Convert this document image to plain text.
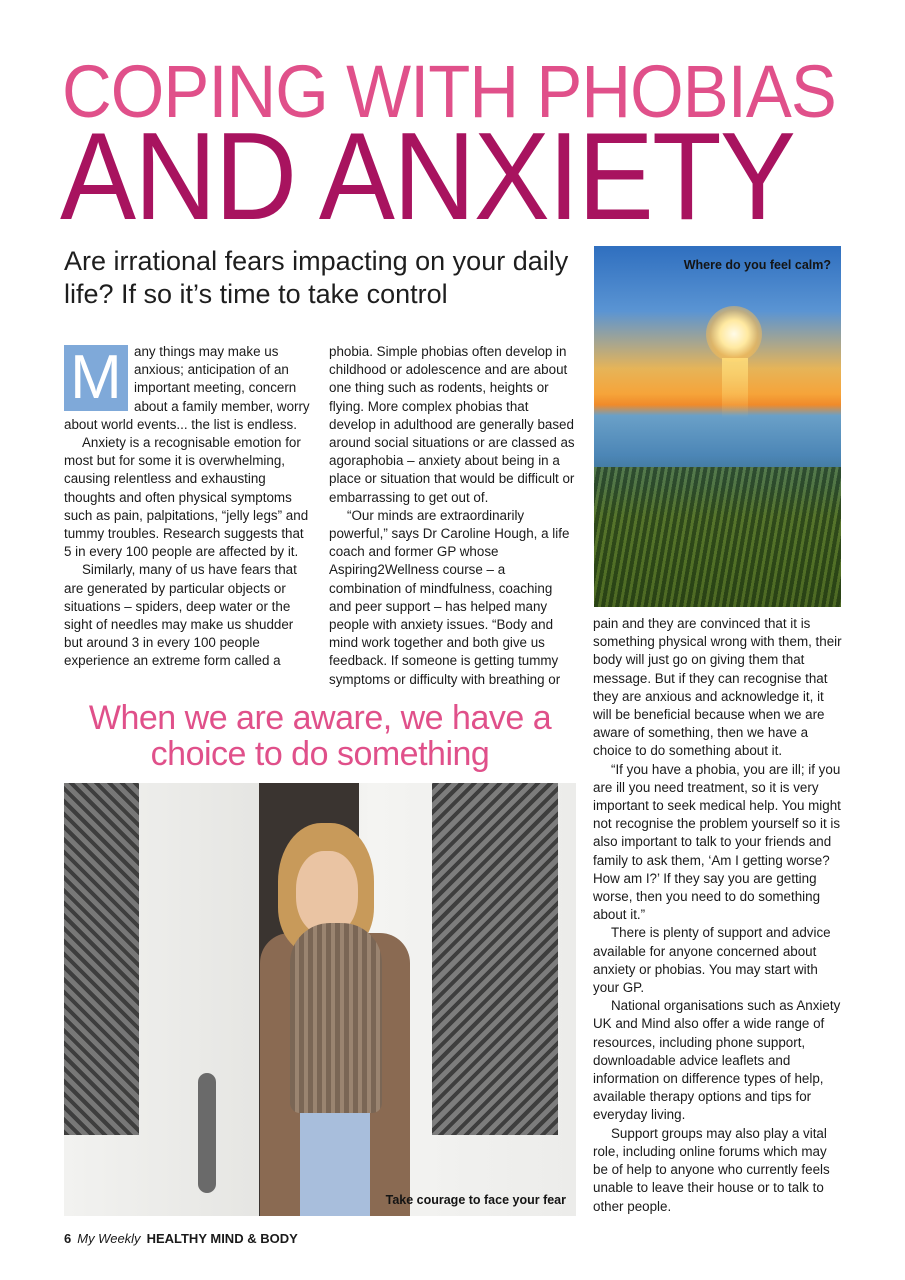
COPING WITH PHOBIAS
AND ANXIETY
Are irrational fears impacting on your daily life? If so it’s time to take control

M any things may make us anxious; anticipation of an important meeting, concern about a family member, worry about world events... the list is endless.

Anxiety is a recognisable emotion for most but for some it is overwhelming, causing relentless and exhausting thoughts and often physical symptoms such as pain, palpitations, “jelly legs” and tummy troubles. Research suggests that 5 in every 100 people are affected by it.

Similarly, many of us have fears that are generated by particular objects or situations – spiders, deep water or the sight of needles may make us shudder but around 3 in every 100 people experience an extreme form called a

phobia. Simple phobias often develop in childhood or adolescence and are about one thing such as rodents, heights or flying. More complex phobias that develop in adulthood are generally based around social situations or are classed as agoraphobia – anxiety about being in a place or situation that would be difficult or embarrassing to get out of.

“Our minds are extraordinarily powerful,” says Dr Caroline Hough, a life coach and former GP whose Aspiring2Wellness course – a combination of mindfulness, coaching and peer support – has helped many people with anxiety issues. “Body and mind work together and both give us feedback. If someone is getting tummy symptoms or difficulty with breathing or

Where do you feel calm?

pain and they are convinced that it is something physical wrong with them, their body will just go on giving them that message. But if they can recognise that they are anxious and acknowledge it, it will be beneficial because when we are aware of something, then we have a choice to do something about it.

“If you have a phobia, you are ill; if you are ill you need treatment, so it is very important to seek medical help. You might not recognise the problem yourself so it is also important to talk to your friends and family to ask them, ‘Am I getting worse? How am I?’ If they say you are getting worse, then you need to do something about it.”

There is plenty of support and advice available for anyone concerned about anxiety or phobias. You may start with your GP.

National organisations such as Anxiety UK and Mind also offer a wide range of resources, including phone support, downloadable advice leaflets and information on difference types of help, available therapy options and tips for everyday living.

Support groups may also play a vital role, including online forums which may be of help to anyone who currently feels unable to leave their house or to talk to other people.

When we are aware, we have a choice to do something
Take courage to face your fear
6 My Weekly HEALTHY MIND & BODY
